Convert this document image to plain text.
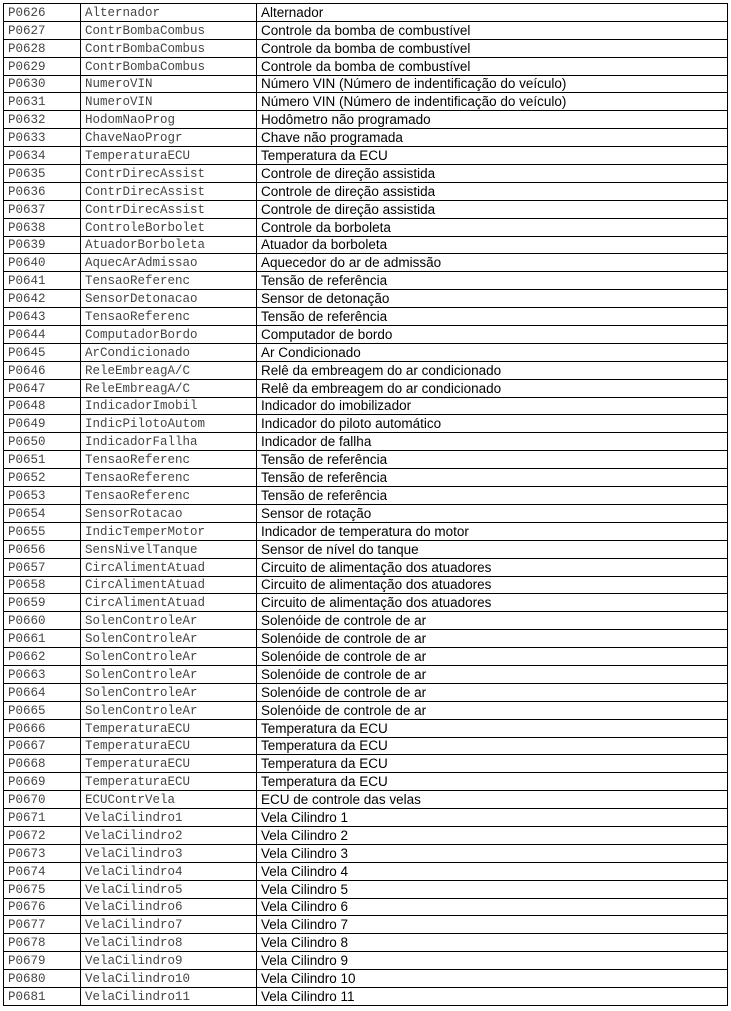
P0626	Alternador	Alternador
P0627	ContrBombaCombus	Controle da bomba de combustível
P0628	ContrBombaCombus	Controle da bomba de combustível
P0629	ContrBombaCombus	Controle da bomba de combustível
P0630	NumeroVIN	Número VIN (Número de indentificação do veículo)
P0631	NumeroVIN	Número VIN (Número de indentificação do veículo)
P0632	HodomNaoProg	Hodômetro não programado
P0633	ChaveNaoProgr	Chave não programada
P0634	TemperaturaECU	Temperatura da ECU
P0635	ContrDirecAssist	Controle de direção assistida
P0636	ContrDirecAssist	Controle de direção assistida
P0637	ContrDirecAssist	Controle de direção assistida
P0638	ControleBorbolet	Controle da borboleta
P0639	AtuadorBorboleta	Atuador da borboleta
P0640	AquecArAdmissao	Aquecedor do ar de admissão
P0641	TensaoReferenc	Tensão de referência
P0642	SensorDetonacao	Sensor de detonação
P0643	TensaoReferenc	Tensão de referência
P0644	ComputadorBordo	Computador de bordo
P0645	ArCondicionado	Ar Condicionado
P0646	ReleEmbreagA/C	Relê da embreagem do ar condicionado
P0647	ReleEmbreagA/C	Relê da embreagem do ar condicionado
P0648	IndicadorImobil	Indicador do imobilizador
P0649	IndicPilotoAutom	Indicador do piloto automático
P0650	IndicadorFallha	Indicador de fallha
P0651	TensaoReferenc	Tensão de referência
P0652	TensaoReferenc	Tensão de referência
P0653	TensaoReferenc	Tensão de referência
P0654	SensorRotacao	Sensor de rotação
P0655	IndicTemperMotor	Indicador de temperatura do motor
P0656	SensNivelTanque	Sensor de nível do tanque
P0657	CircAlimentAtuad	Circuito de alimentação dos atuadores
P0658	CircAlimentAtuad	Circuito de alimentação dos atuadores
P0659	CircAlimentAtuad	Circuito de alimentação dos atuadores
P0660	SolenControleAr	Solenóide de controle de ar
P0661	SolenControleAr	Solenóide de controle de ar
P0662	SolenControleAr	Solenóide de controle de ar
P0663	SolenControleAr	Solenóide de controle de ar
P0664	SolenControleAr	Solenóide de controle de ar
P0665	SolenControleAr	Solenóide de controle de ar
P0666	TemperaturaECU	Temperatura da ECU
P0667	TemperaturaECU	Temperatura da ECU
P0668	TemperaturaECU	Temperatura da ECU
P0669	TemperaturaECU	Temperatura da ECU
P0670	ECUContrVela	ECU de controle das velas
P0671	VelaCilindro1	Vela Cilindro 1
P0672	VelaCilindro2	Vela Cilindro 2
P0673	VelaCilindro3	Vela Cilindro 3
P0674	VelaCilindro4	Vela Cilindro 4
P0675	VelaCilindro5	Vela Cilindro 5
P0676	VelaCilindro6	Vela Cilindro 6
P0677	VelaCilindro7	Vela Cilindro 7
P0678	VelaCilindro8	Vela Cilindro 8
P0679	VelaCilindro9	Vela Cilindro 9
P0680	VelaCilindro10	Vela Cilindro 10
P0681	VelaCilindro11	Vela Cilindro 11
